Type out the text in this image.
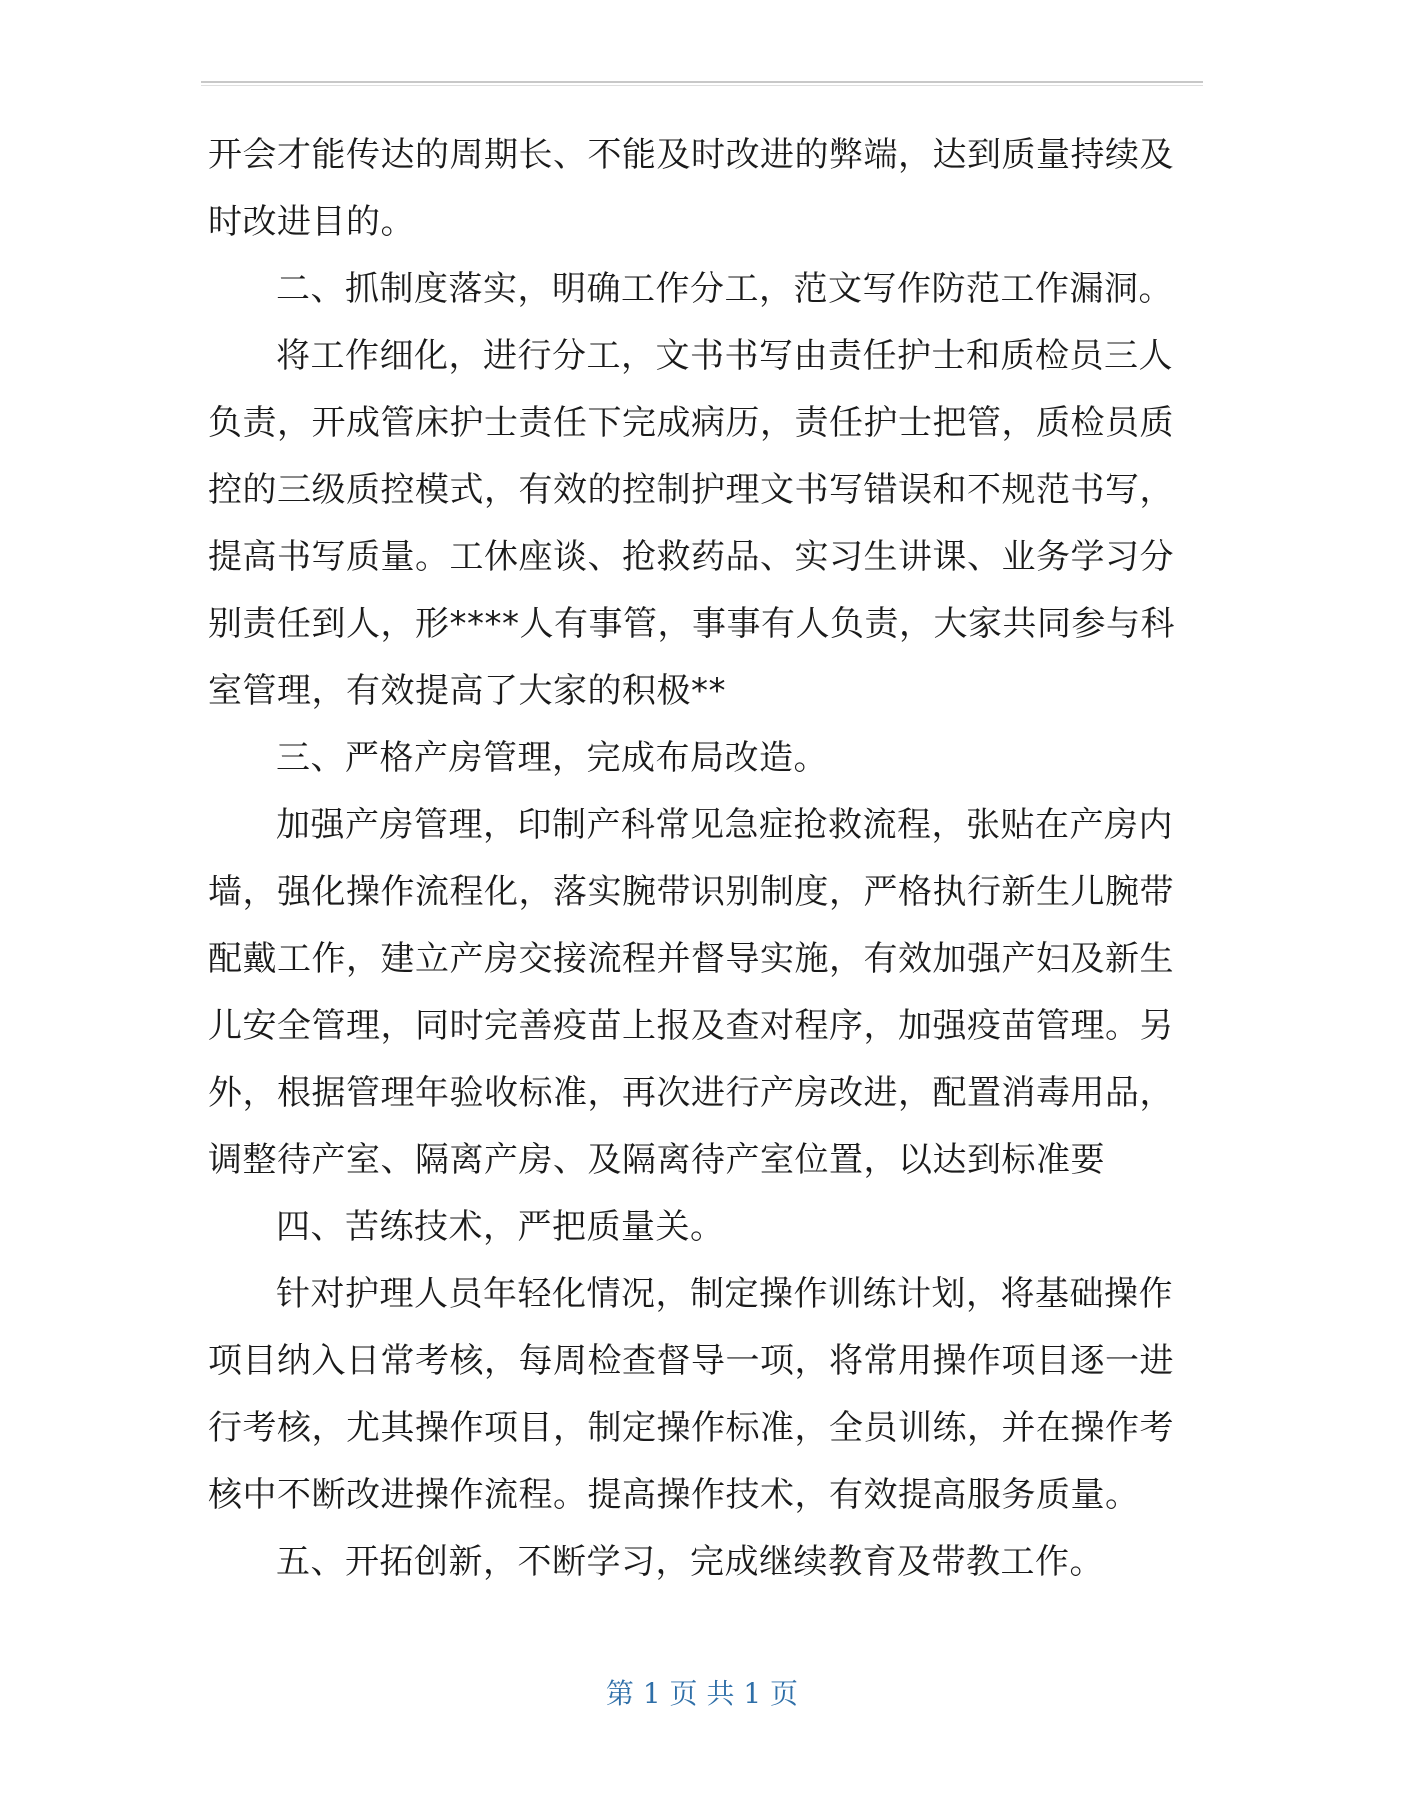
开会才能传达的周期长、不能及时改进的弊端，达到质量持续及
时改进目的。
二、抓制度落实，明确工作分工，范文写作防范工作漏洞。
将工作细化，进行分工，文书书写由责任护士和质检员三人
负责，开成管床护士责任下完成病历，责任护士把管，质检员质
控的三级质控模式，有效的控制护理文书写错误和不规范书写，
提高书写质量。工休座谈、抢救药品、实习生讲课、业务学习分
别责任到人，形****人有事管，事事有人负责，大家共同参与科
室管理，有效提高了大家的积极**
三、严格产房管理，完成布局改造。
加强产房管理，印制产科常见急症抢救流程，张贴在产房内
墙，强化操作流程化，落实腕带识别制度，严格执行新生儿腕带
配戴工作，建立产房交接流程并督导实施，有效加强产妇及新生
儿安全管理，同时完善疫苗上报及查对程序，加强疫苗管理。另
外，根据管理年验收标准，再次进行产房改进，配置消毒用品，
调整待产室、隔离产房、及隔离待产室位置，以达到标准要
四、苦练技术，严把质量关。
针对护理人员年轻化情况，制定操作训练计划，将基础操作
项目纳入日常考核，每周检查督导一项，将常用操作项目逐一进
行考核，尤其操作项目，制定操作标准，全员训练，并在操作考
核中不断改进操作流程。提高操作技术，有效提高服务质量。
五、开拓创新，不断学习，完成继续教育及带教工作。
第 1 页 共 1 页
